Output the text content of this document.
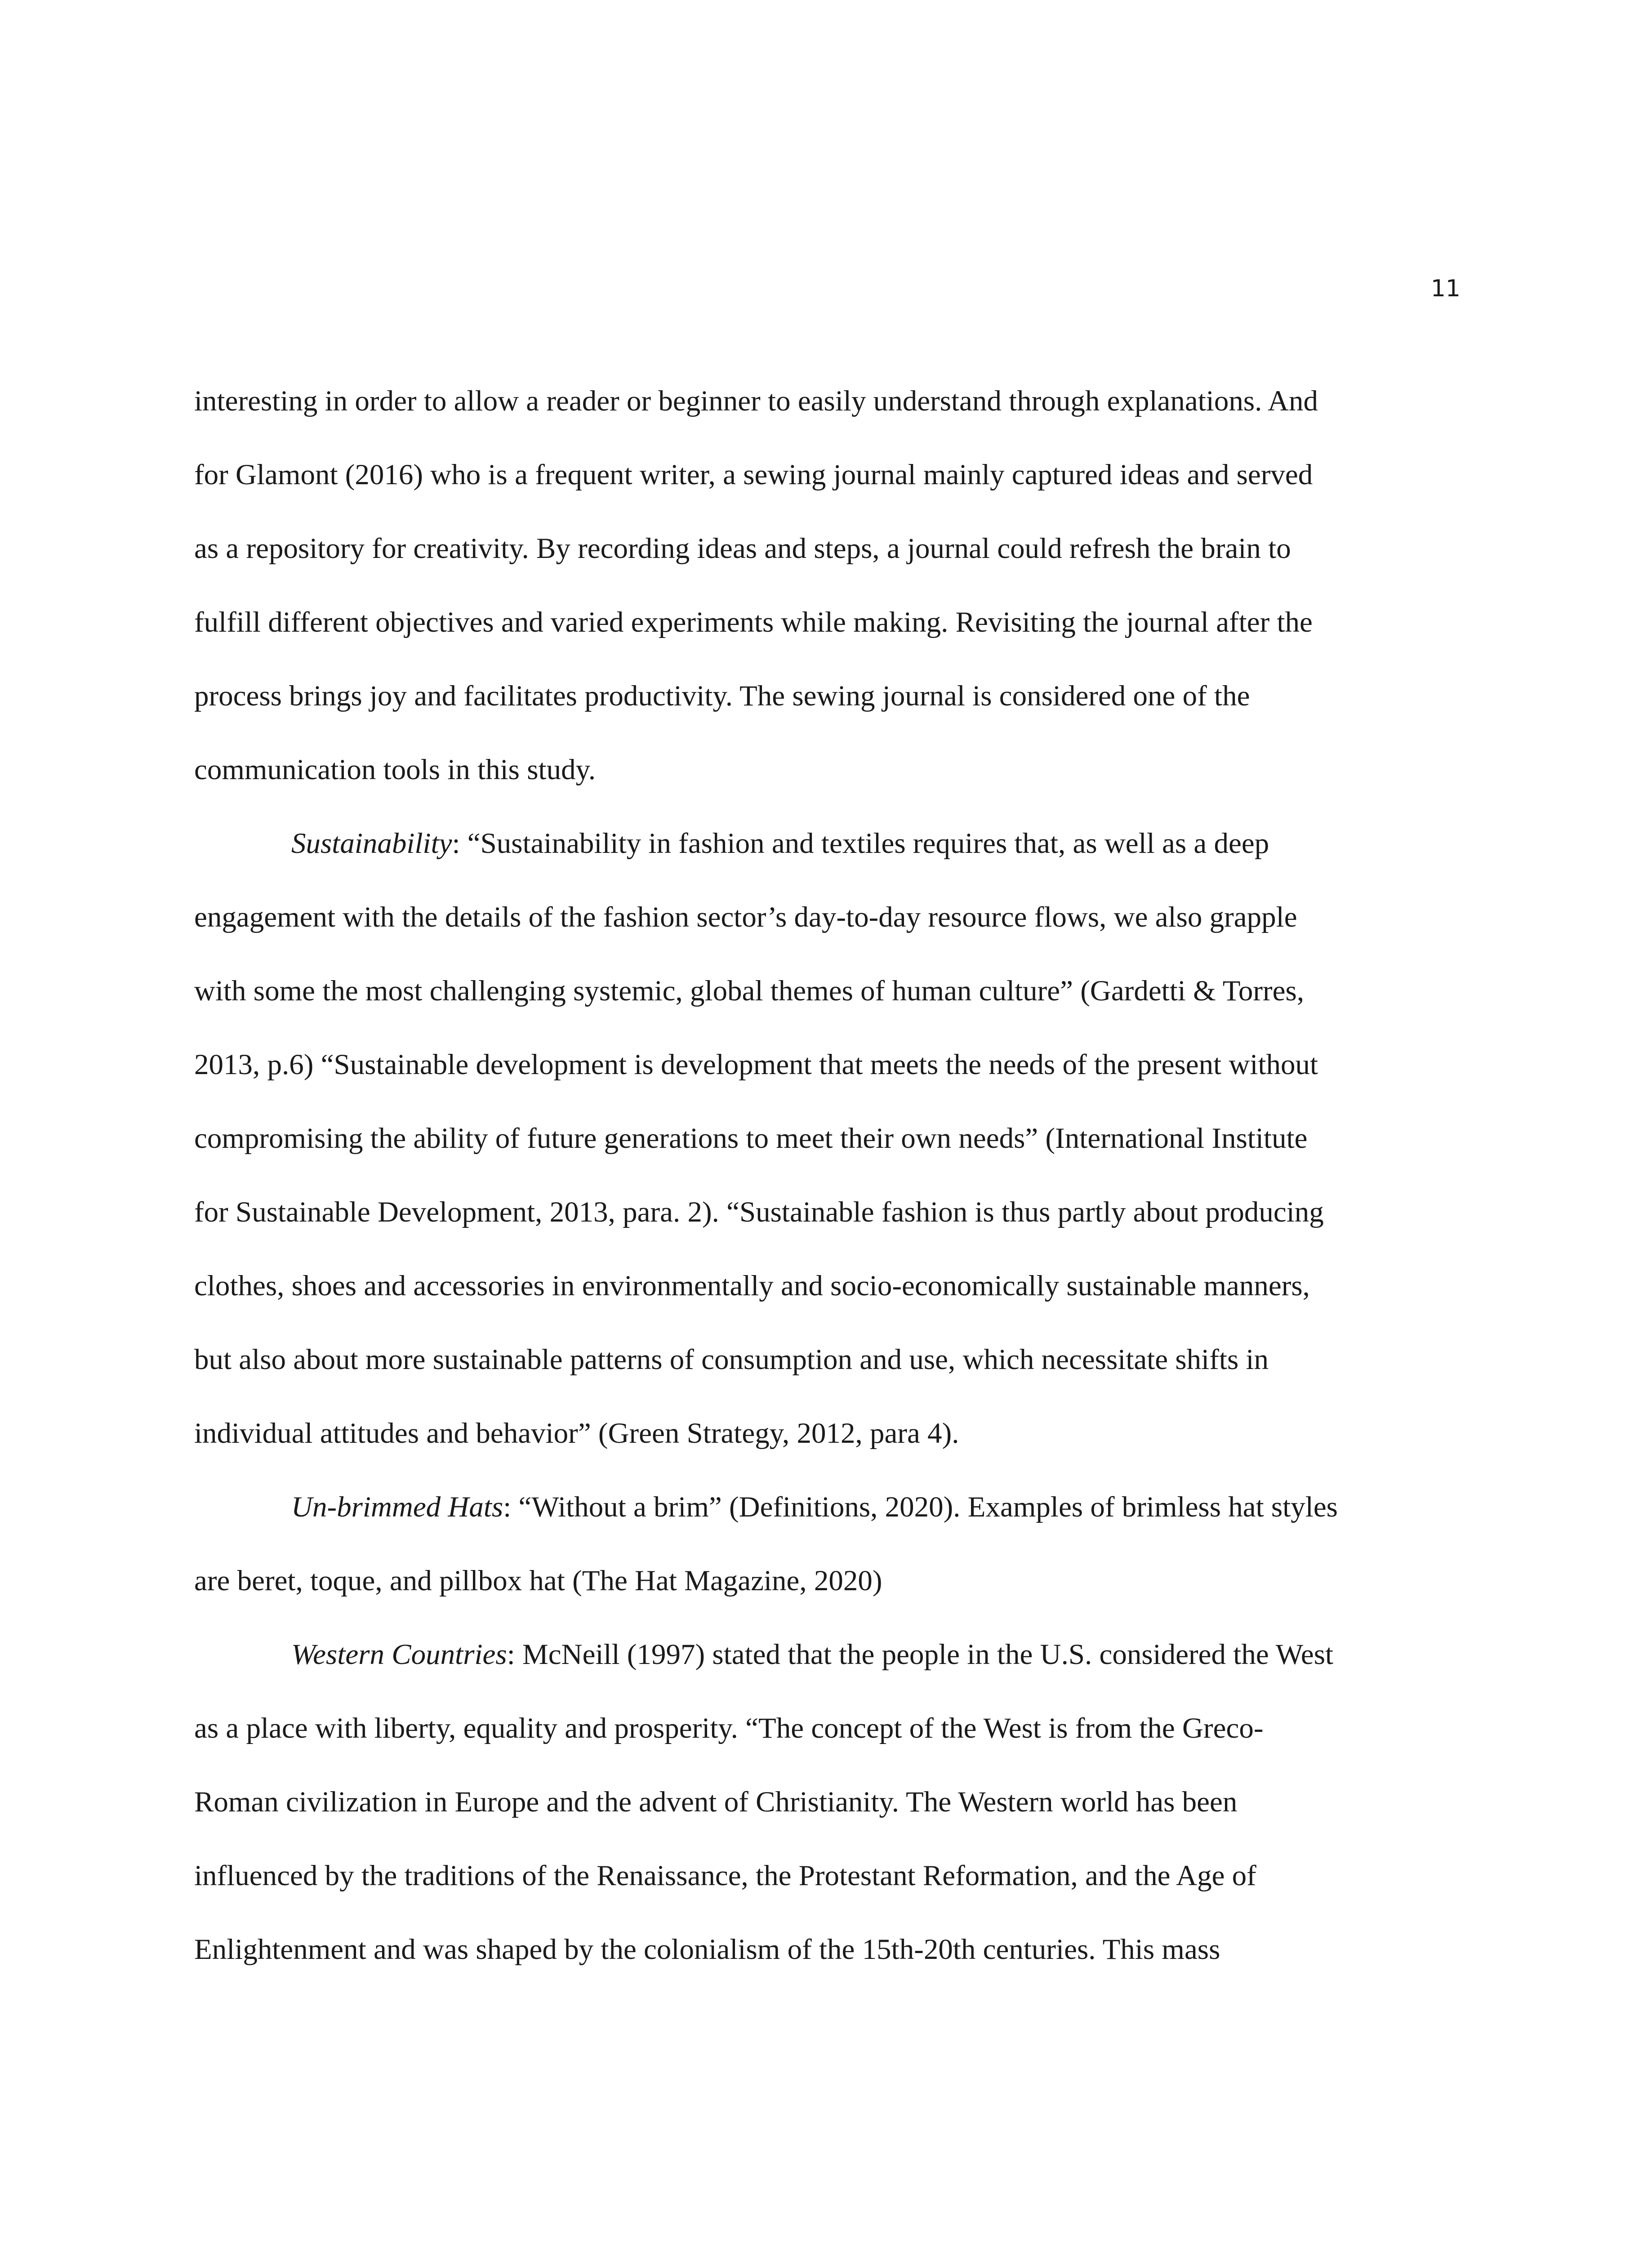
11

interesting in order to allow a reader or beginner to easily understand through explanations. And
for Glamont (2016) who is a frequent writer, a sewing journal mainly captured ideas and served
as a repository for creativity. By recording ideas and steps, a journal could refresh the brain to
fulfill different objectives and varied experiments while making. Revisiting the journal after the
process brings joy and facilitates productivity. The sewing journal is considered one of the
communication tools in this study.
Sustainability: “Sustainability in fashion and textiles requires that, as well as a deep
engagement with the details of the fashion sector’s day-to-day resource flows, we also grapple
with some the most challenging systemic, global themes of human culture” (Gardetti & Torres,
2013, p.6) “Sustainable development is development that meets the needs of the present without
compromising the ability of future generations to meet their own needs” (International Institute
for Sustainable Development, 2013, para. 2). “Sustainable fashion is thus partly about producing
clothes, shoes and accessories in environmentally and socio-economically sustainable manners,
but also about more sustainable patterns of consumption and use, which necessitate shifts in
individual attitudes and behavior” (Green Strategy, 2012, para 4).
Un-brimmed Hats: “Without a brim” (Definitions, 2020). Examples of brimless hat styles
are beret, toque, and pillbox hat (The Hat Magazine, 2020)
Western Countries: McNeill (1997) stated that the people in the U.S. considered the West
as a place with liberty, equality and prosperity. “The concept of the West is from the Greco-
Roman civilization in Europe and the advent of Christianity. The Western world has been
influenced by the traditions of the Renaissance, the Protestant Reformation, and the Age of
Enlightenment and was shaped by the colonialism of the 15th-20th centuries. This mass
